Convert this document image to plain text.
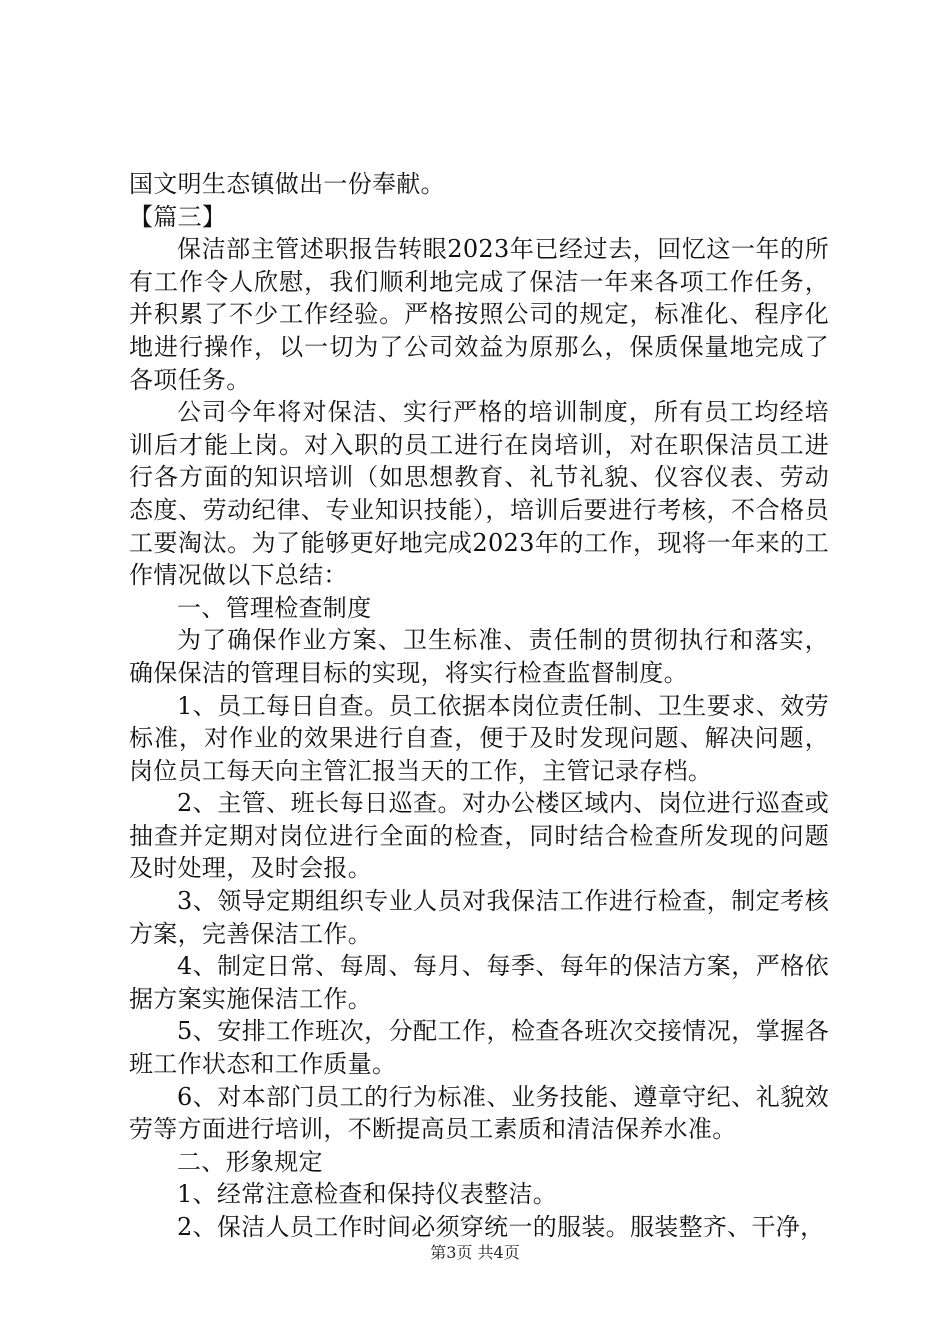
国文明生态镇做出一份奉献。

【篇三】

保洁部主管述职报告转眼2023年已经过去，回忆这一年的所有工作令人欣慰，我们顺利地完成了保洁一年来各项工作任务，并积累了不少工作经验。严格按照公司的规定，标准化、程序化地进行操作，以一切为了公司效益为原那么，保质保量地完成了各项任务。

公司今年将对保洁、实行严格的培训制度，所有员工均经培训后才能上岗。对入职的员工进行在岗培训，对在职保洁员工进行各方面的知识培训（如思想教育、礼节礼貌、仪容仪表、劳动态度、劳动纪律、专业知识技能），培训后要进行考核，不合格员工要淘汰。为了能够更好地完成2023年的工作，现将一年来的工作情况做以下总结：

一、管理检查制度

为了确保作业方案、卫生标准、责任制的贯彻执行和落实，确保保洁的管理目标的实现，将实行检查监督制度。

1、员工每日自查。员工依据本岗位责任制、卫生要求、效劳标准，对作业的效果进行自查，便于及时发现问题、解决问题，岗位员工每天向主管汇报当天的工作，主管记录存档。

2、主管、班长每日巡查。对办公楼区域内、岗位进行巡查或抽查并定期对岗位进行全面的检查，同时结合检查所发现的问题及时处理，及时会报。

3、领导定期组织专业人员对我保洁工作进行检查，制定考核方案，完善保洁工作。

4、制定日常、每周、每月、每季、每年的保洁方案，严格依据方案实施保洁工作。

5、安排工作班次，分配工作，检查各班次交接情况，掌握各班工作状态和工作质量。

6、对本部门员工的行为标准、业务技能、遵章守纪、礼貌效劳等方面进行培训，不断提高员工素质和清洁保养水准。

二、形象规定

1、经常注意检查和保持仪表整洁。

2、保洁人员工作时间必须穿统一的服装。服装整齐、干净，

第3页 共4页
